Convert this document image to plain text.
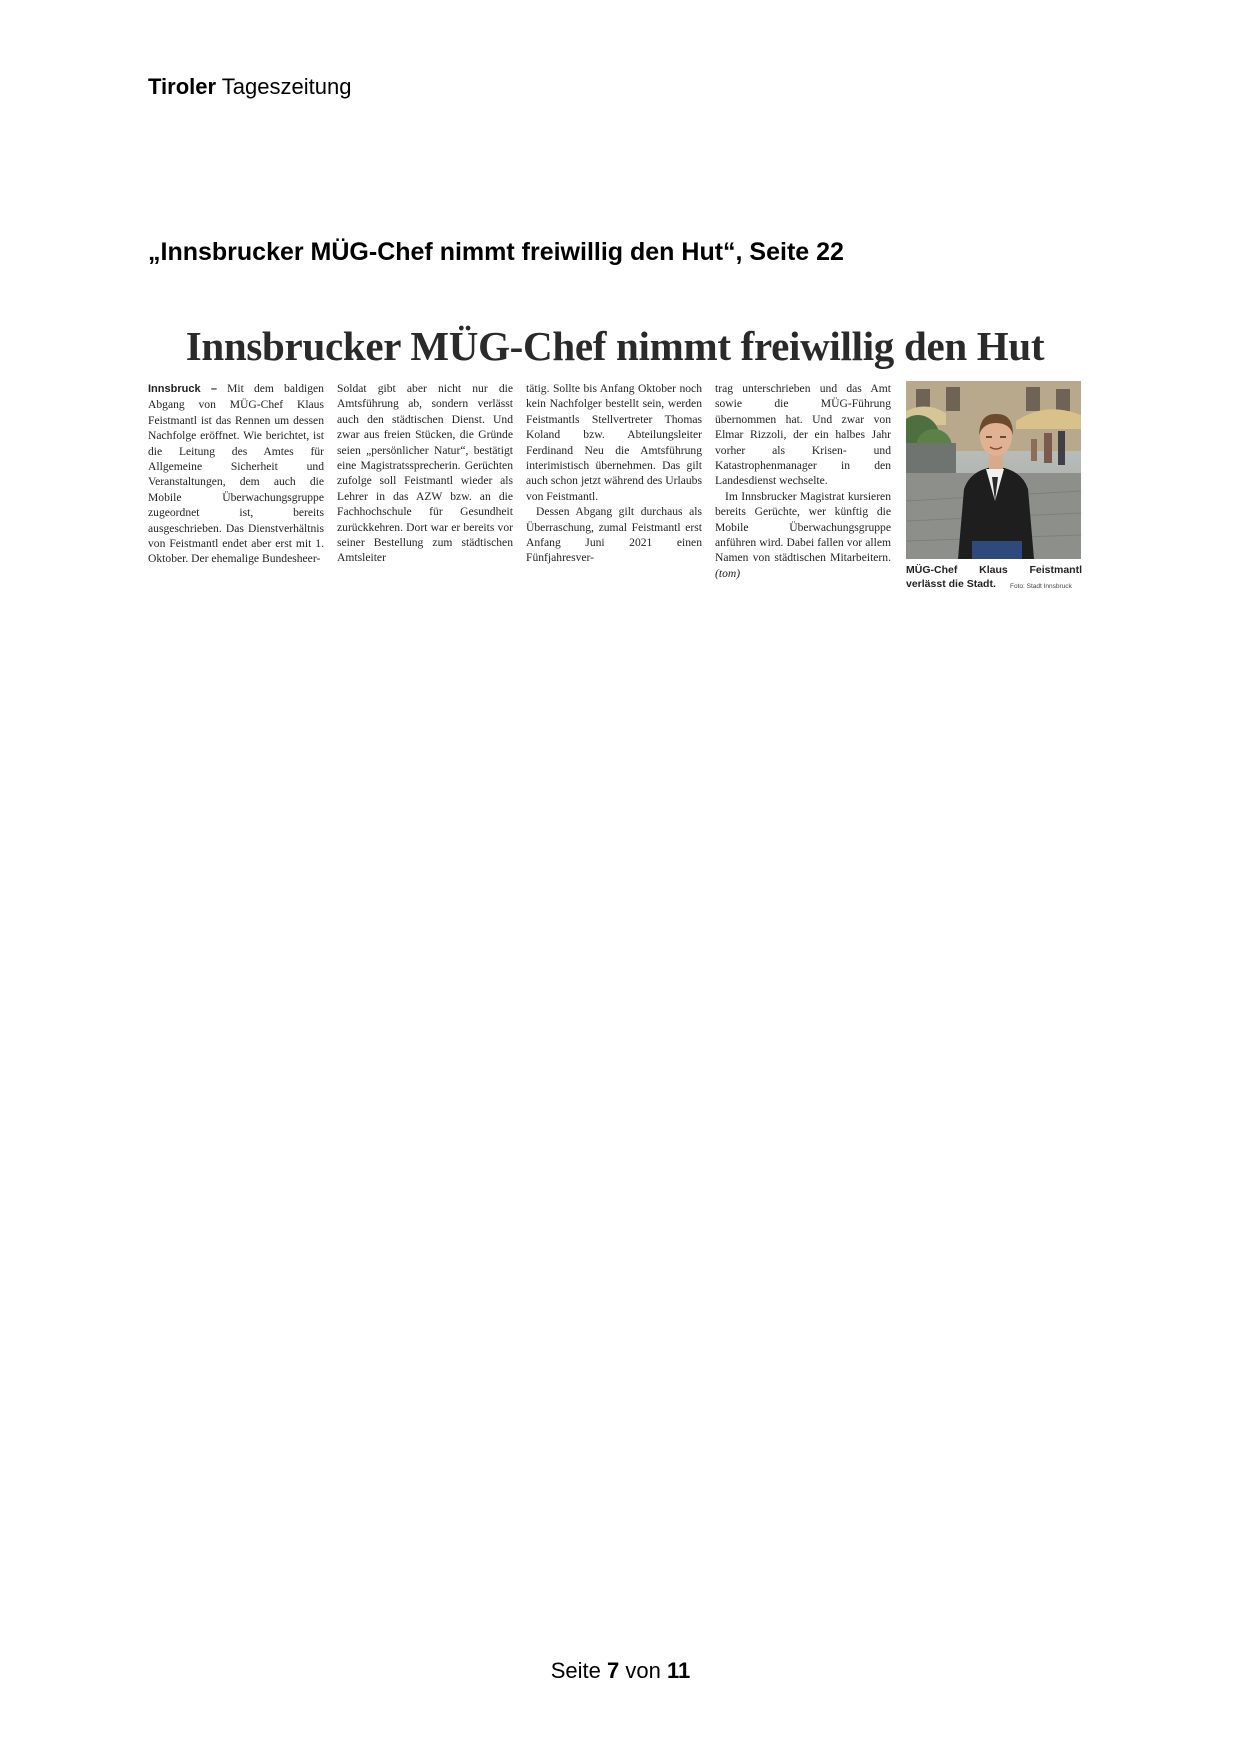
Tiroler Tageszeitung
„Innsbrucker MÜG-Chef nimmt freiwillig den Hut“, Seite 22
Innsbrucker MÜG-Chef nimmt freiwillig den Hut

Innsbruck – Mit dem baldigen Abgang von MÜG-Chef Klaus Feistmantl ist das Rennen um dessen Nachfolge eröffnet. Wie berichtet, ist die Leitung des Amtes für Allgemeine Sicherheit und Veranstaltungen, dem auch die Mobile Überwachungsgruppe zugeordnet ist, bereits ausgeschrieben. Das Dienstverhältnis von Feistmantl endet aber erst mit 1. Oktober. Der ehemalige Bundesheer-

Soldat gibt aber nicht nur die Amtsführung ab, sondern verlässt auch den städtischen Dienst. Und zwar aus freien Stücken, die Gründe seien „persönlicher Natur“, bestätigt eine Magistratssprecherin. Gerüchten zufolge soll Feistmantl wieder als Lehrer in das AZW bzw. an die Fachhochschule für Gesundheit zurückkehren. Dort war er bereits vor seiner Bestellung zum städtischen Amtsleiter

tätig. Sollte bis Anfang Oktober noch kein Nachfolger bestellt sein, werden Feistmantls Stellvertreter Thomas Koland bzw. Abteilungsleiter Ferdinand Neu die Amtsführung interimistisch übernehmen. Das gilt auch schon jetzt während des Urlaubs von Feistmantl.

Dessen Abgang gilt durchaus als Überraschung, zumal Feistmantl erst Anfang Juni 2021 einen Fünfjahresver-

trag unterschrieben und das Amt sowie die MÜG-Führung übernommen hat. Und zwar von Elmar Rizzoli, der ein halbes Jahr vorher als Krisen- und Katastrophenmanager in den Landesdienst wechselte.

Im Innsbrucker Magistrat kursieren bereits Gerüchte, wer künftig die Mobile Überwachungsgruppe anführen wird. Dabei fallen vor allem Namen von städtischen Mitarbeitern. (tom)	MÜG-Chef Klaus Feistmantl verlässt die Stadt.	Foto: Stadt Innsbruck
Seite 7 von 11
